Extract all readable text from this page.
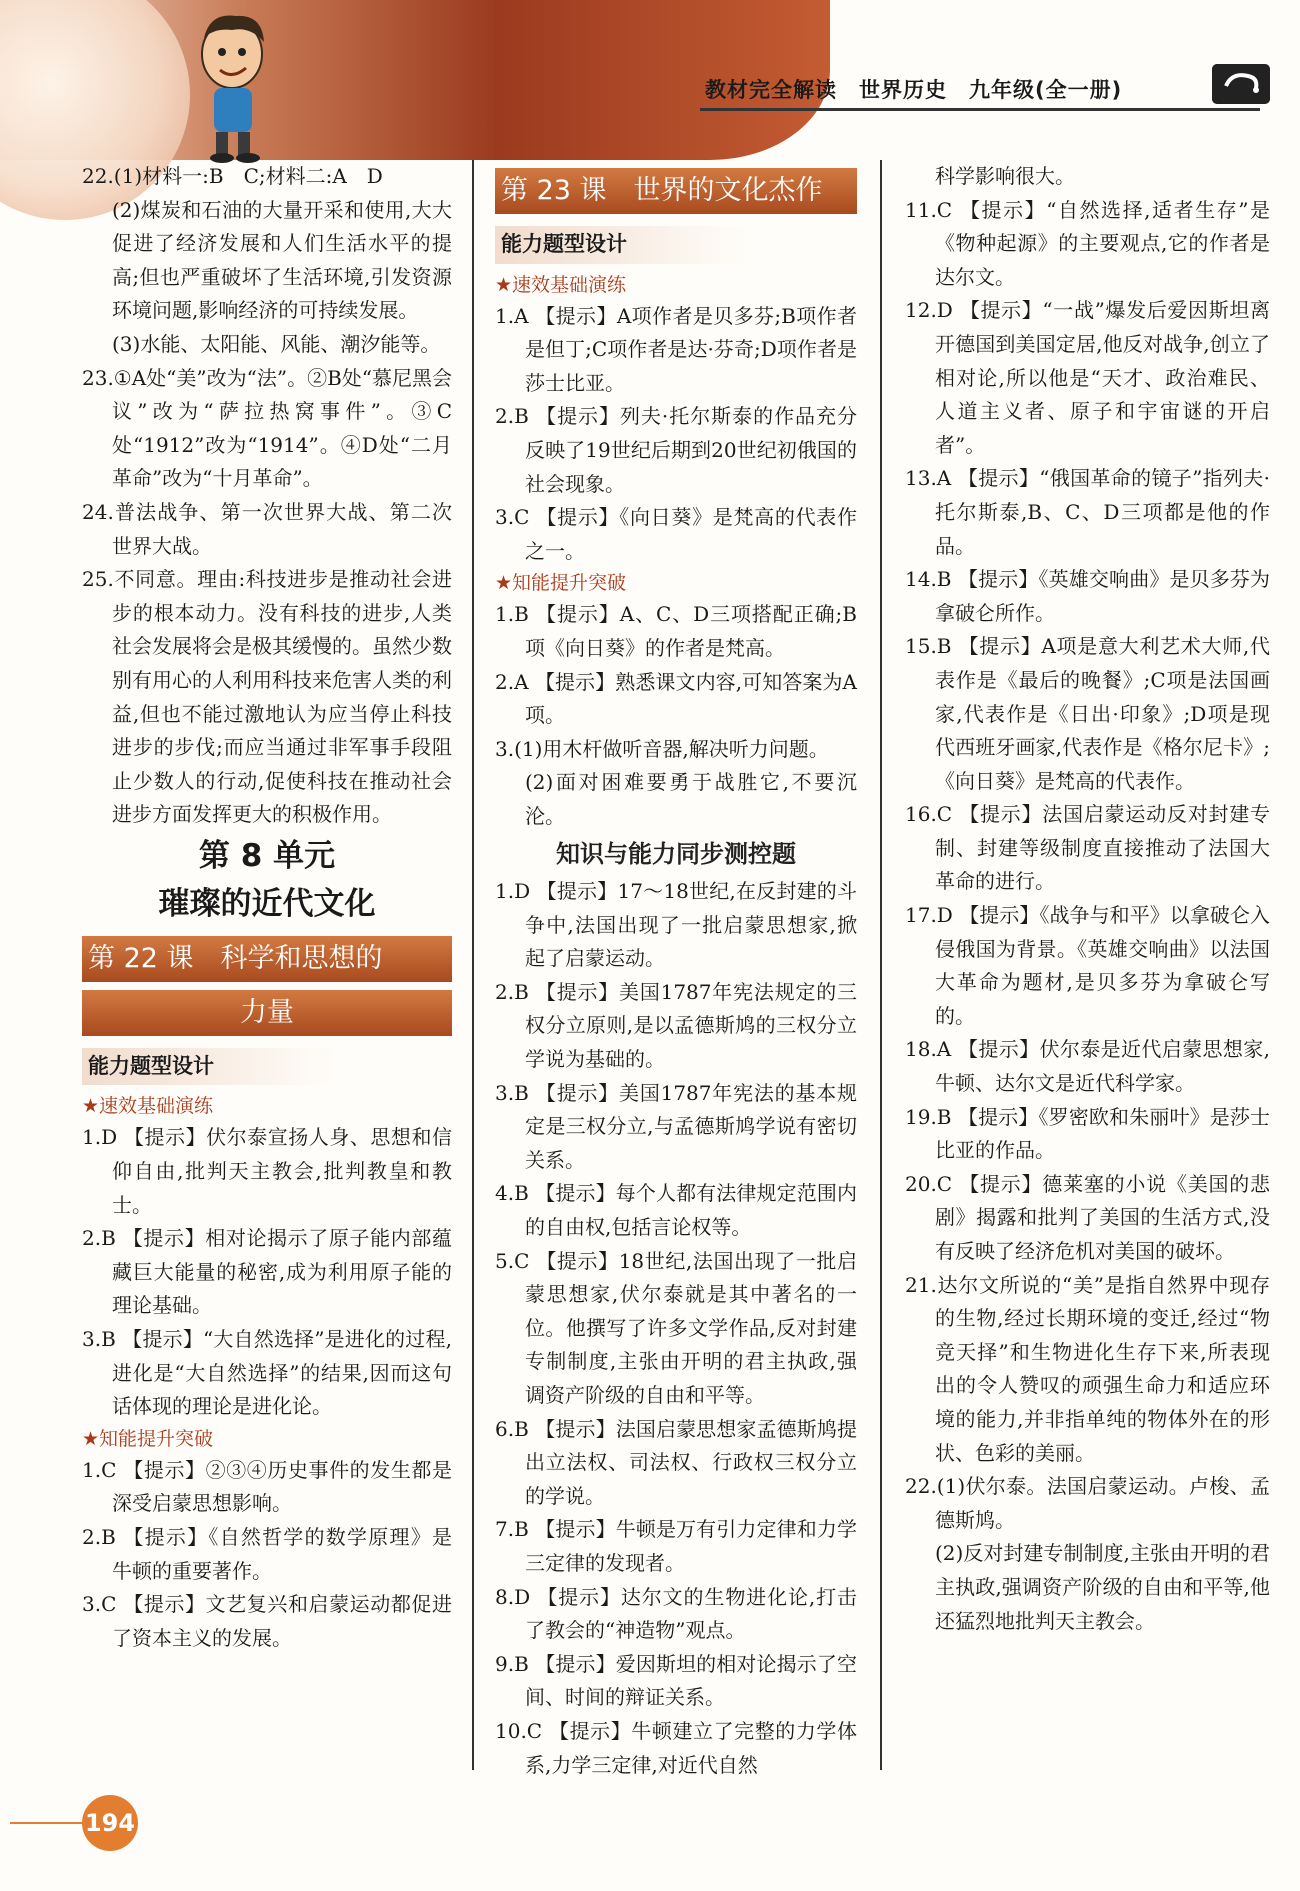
教材完全解读　世界历史　九年级(全一册)
22.(1)材料一:B　C;材料二:A　D
(2)煤炭和石油的大量开采和使用,大大促进了经济发展和人们生活水平的提高;但也严重破坏了生活环境,引发资源环境问题,影响经济的可持续发展。
(3)水能、太阳能、风能、潮汐能等。
23.①A处“美”改为“法”。②B处“慕尼黑会议”改为“萨拉热窝事件”。③C处“1912”改为“1914”。④D处“二月革命”改为“十月革命”。
24.普法战争、第一次世界大战、第二次世界大战。
25.不同意。理由:科技进步是推动社会进步的根本动力。没有科技的进步,人类社会发展将会是极其缓慢的。虽然少数别有用心的人利用科技来危害人类的利益,但也不能过激地认为应当停止科技进步的步伐;而应当通过非军事手段阻止少数人的行动,促使科技在推动社会进步方面发挥更大的积极作用。
第 8 单元
璀璨的近代文化
第 22 课　科学和思想的
力量
能力题型设计
★速效基础演练
1.D 【提示】伏尔泰宣扬人身、思想和信仰自由,批判天主教会,批判教皇和教士。
2.B 【提示】相对论揭示了原子能内部蕴藏巨大能量的秘密,成为利用原子能的理论基础。
3.B 【提示】“大自然选择”是进化的过程,进化是“大自然选择”的结果,因而这句话体现的理论是进化论。
★知能提升突破
1.C 【提示】②③④历史事件的发生都是深受启蒙思想影响。
2.B 【提示】《自然哲学的数学原理》是牛顿的重要著作。
3.C 【提示】文艺复兴和启蒙运动都促进了资本主义的发展。
第 23 课　世界的文化杰作
能力题型设计
★速效基础演练
1.A 【提示】A项作者是贝多芬;B项作者是但丁;C项作者是达·芬奇;D项作者是莎士比亚。
2.B 【提示】列夫·托尔斯泰的作品充分反映了19世纪后期到20世纪初俄国的社会现象。
3.C 【提示】《向日葵》是梵高的代表作之一。
★知能提升突破
1.B 【提示】A、C、D三项搭配正确;B项《向日葵》的作者是梵高。
2.A 【提示】熟悉课文内容,可知答案为A项。
3.(1)用木杆做听音器,解决听力问题。
(2)面对困难要勇于战胜它,不要沉沦。
知识与能力同步测控题
1.D 【提示】17～18世纪,在反封建的斗争中,法国出现了一批启蒙思想家,掀起了启蒙运动。
2.B 【提示】美国1787年宪法规定的三权分立原则,是以孟德斯鸠的三权分立学说为基础的。
3.B 【提示】美国1787年宪法的基本规定是三权分立,与孟德斯鸠学说有密切关系。
4.B 【提示】每个人都有法律规定范围内的自由权,包括言论权等。
5.C 【提示】18世纪,法国出现了一批启蒙思想家,伏尔泰就是其中著名的一位。他撰写了许多文学作品,反对封建专制制度,主张由开明的君主执政,强调资产阶级的自由和平等。
6.B 【提示】法国启蒙思想家孟德斯鸠提出立法权、司法权、行政权三权分立的学说。
7.B 【提示】牛顿是万有引力定律和力学三定律的发现者。
8.D 【提示】达尔文的生物进化论,打击了教会的“神造物”观点。
9.B 【提示】爱因斯坦的相对论揭示了空间、时间的辩证关系。
10.C 【提示】牛顿建立了完整的力学体系,力学三定律,对近代自然
科学影响很大。
11.C 【提示】“自然选择,适者生存”是《物种起源》的主要观点,它的作者是达尔文。
12.D 【提示】“一战”爆发后爱因斯坦离开德国到美国定居,他反对战争,创立了相对论,所以他是“天才、政治难民、人道主义者、原子和宇宙谜的开启者”。
13.A 【提示】“俄国革命的镜子”指列夫·托尔斯泰,B、C、D三项都是他的作品。
14.B 【提示】《英雄交响曲》是贝多芬为拿破仑所作。
15.B 【提示】A项是意大利艺术大师,代表作是《最后的晚餐》;C项是法国画家,代表作是《日出·印象》;D项是现代西班牙画家,代表作是《格尔尼卡》;《向日葵》是梵高的代表作。
16.C 【提示】法国启蒙运动反对封建专制、封建等级制度直接推动了法国大革命的进行。
17.D 【提示】《战争与和平》以拿破仑入侵俄国为背景。《英雄交响曲》以法国大革命为题材,是贝多芬为拿破仑写的。
18.A 【提示】伏尔泰是近代启蒙思想家,牛顿、达尔文是近代科学家。
19.B 【提示】《罗密欧和朱丽叶》是莎士比亚的作品。
20.C 【提示】德莱塞的小说《美国的悲剧》揭露和批判了美国的生活方式,没有反映了经济危机对美国的破坏。
21.达尔文所说的“美”是指自然界中现存的生物,经过长期环境的变迁,经过“物竞天择”和生物进化生存下来,所表现出的令人赞叹的顽强生命力和适应环境的能力,并非指单纯的物体外在的形状、色彩的美丽。
22.(1)伏尔泰。法国启蒙运动。卢梭、孟德斯鸠。
(2)反对封建专制制度,主张由开明的君主执政,强调资产阶级的自由和平等,他还猛烈地批判天主教会。
194
